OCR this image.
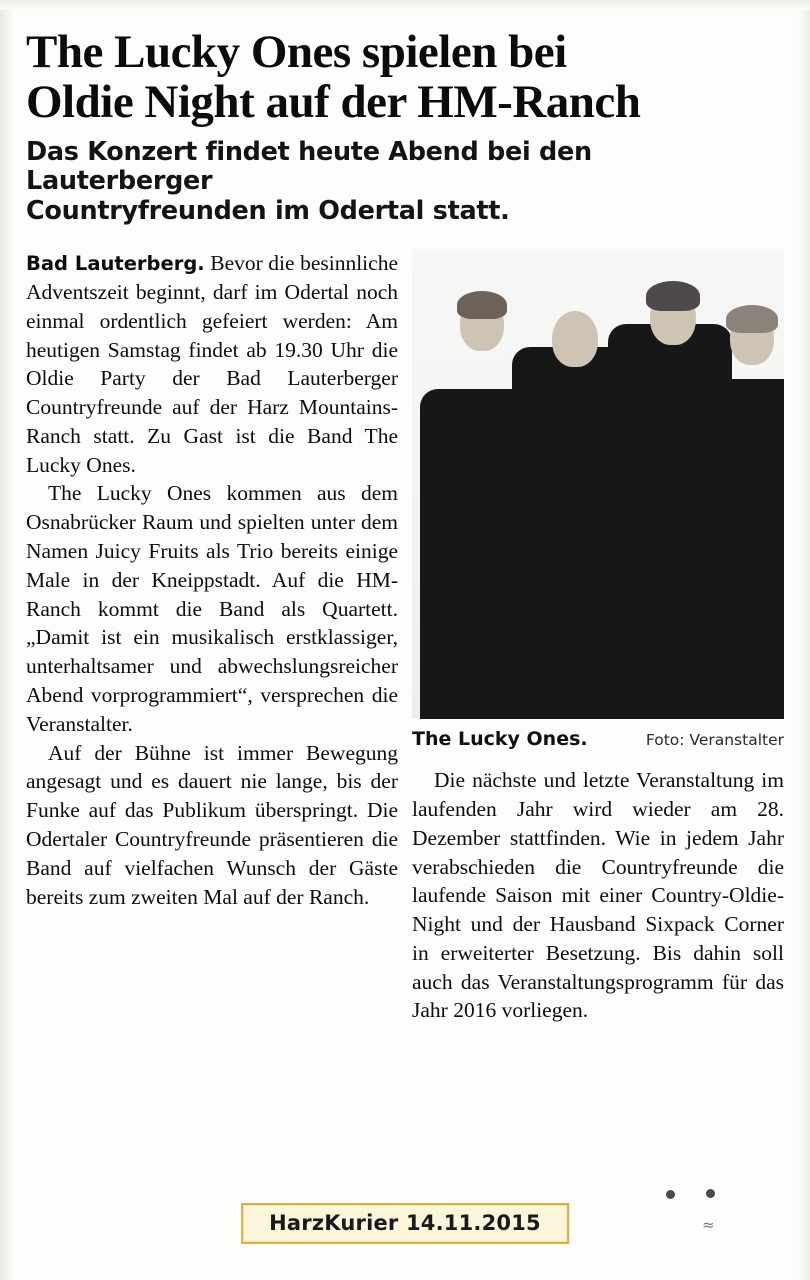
The Lucky Ones spielen bei
Oldie Night auf der HM-Ranch
Das Konzert findet heute Abend bei den Lauterberger
Countryfreunden im Odertal statt.

Bad Lauterberg. Bevor die besinnliche Adventszeit beginnt, darf im Odertal noch einmal ordentlich gefeiert werden: Am heutigen Samstag findet ab 19.30 Uhr die Oldie Party der Bad Lauterberger Countryfreunde auf der Harz Mountains-Ranch statt. Zu Gast ist die Band The Lucky Ones.

The Lucky Ones kommen aus dem Osnabrücker Raum und spielten unter dem Namen Juicy Fruits als Trio bereits einige Male in der Kneippstadt. Auf die HM-Ranch kommt die Band als Quartett. „Damit ist ein musikalisch erstklassiger, unterhaltsamer und abwechslungsreicher Abend vorprogrammiert“, versprechen die Veranstalter.

Auf der Bühne ist immer Bewegung angesagt und es dauert nie lange, bis der Funke auf das Publikum überspringt. Die Odertaler Countryfreunde präsentieren die Band auf vielfachen Wunsch der Gäste bereits zum zweiten Mal auf der Ranch.

The Lucky Ones.	Foto: Veranstalter

Die nächste und letzte Veranstaltung im laufenden Jahr wird wieder am 28. Dezember stattfinden. Wie in jedem Jahr verabschieden die Countryfreunde die laufende Saison mit einer Country-Oldie-Night und der Hausband Sixpack Corner in erweiterter Besetzung. Bis dahin soll auch das Veranstaltungsprogramm für das Jahr 2016 vorliegen.

≈
HarzKurier 14.11.2015
